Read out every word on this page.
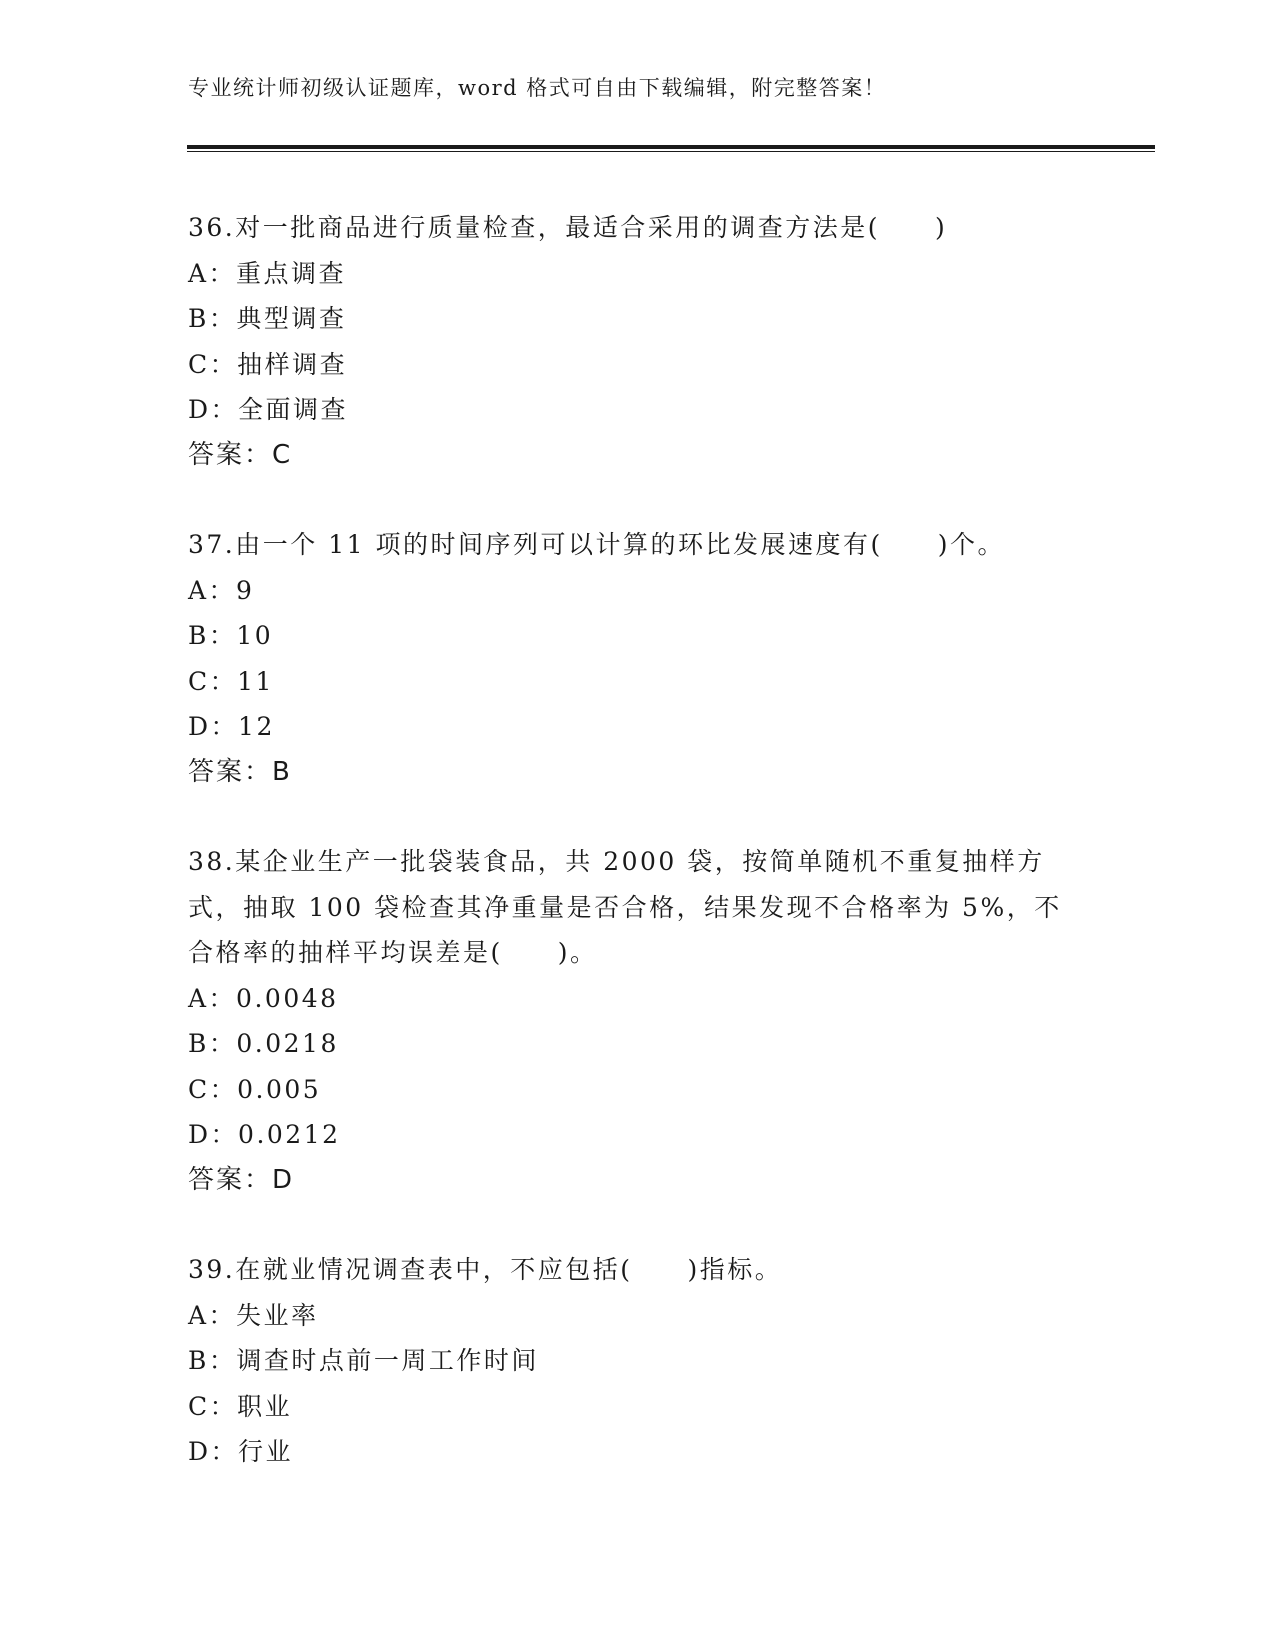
专业统计师初级认证题库，word 格式可自由下载编辑，附完整答案！
36.对一批商品进行质量检查，最适合采用的调查方法是(　　)
A：重点调查
B：典型调查
C：抽样调查
D：全面调查
答案：C
37.由一个 11 项的时间序列可以计算的环比发展速度有(　　)个。
A：9
B：10
C：11
D：12
答案：B
38.某企业生产一批袋装食品，共 2000 袋，按简单随机不重复抽样方
式，抽取 100 袋检查其净重量是否合格，结果发现不合格率为 5%，不
合格率的抽样平均误差是(　　)。
A：0.0048
B：0.0218
C：0.005
D：0.0212
答案：D
39.在就业情况调查表中，不应包括(　　)指标。
A：失业率
B：调查时点前一周工作时间
C：职业
D：行业
